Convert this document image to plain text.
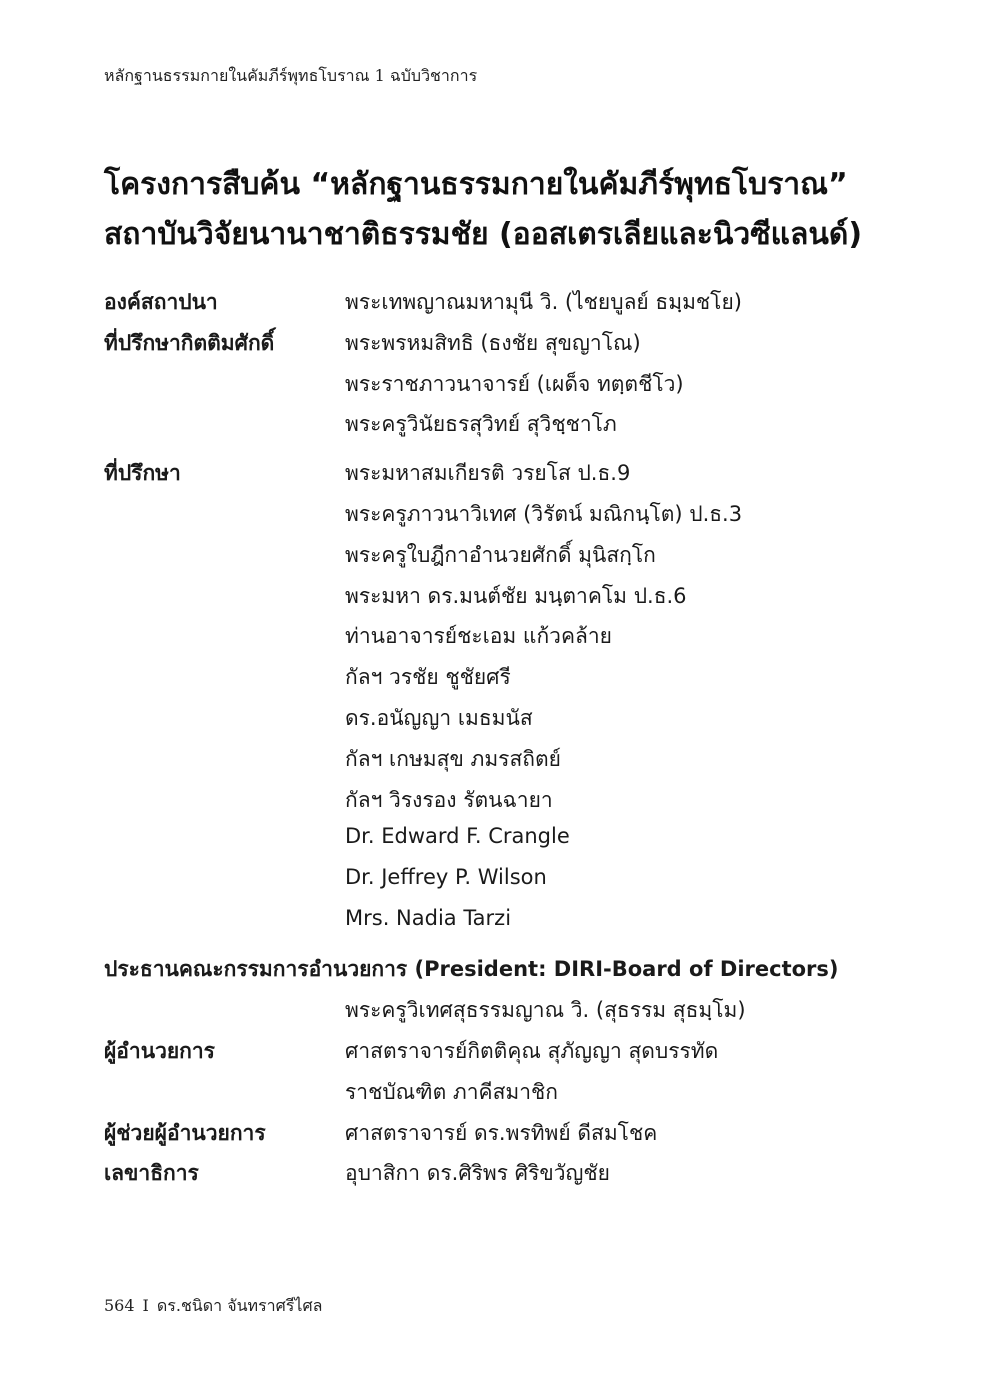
หลักฐานธรรมกายในคัมภีร์พุทธโบราณ 1 ฉบับวิชาการ
โครงการสืบค้น “หลักฐานธรรมกายในคัมภีร์พุทธโบราณ”
สถาบันวิจัยนานาชาติธรรมชัย (ออสเตรเลียและนิวซีแลนด์)
องค์สถาปนา	พระเทพญาณมหามุนี วิ. (ไชยบูลย์ ธมฺมชโย)
ที่ปรึกษากิตติมศักดิ์	พระพรหมสิทธิ (ธงชัย สุขญาโณ)
พระราชภาวนาจารย์ (เผด็จ ทตฺตชีโว)
พระครูวินัยธรสุวิทย์ สุวิชฺชาโภ
ที่ปรึกษา	พระมหาสมเกียรติ วรยโส ป.ธ.9
พระครูภาวนาวิเทศ (วิรัตน์ มณิกนฺโต) ป.ธ.3
พระครูใบฎีกาอำนวยศักดิ์ มุนิสกฺโก
พระมหา ดร.มนต์ชัย มนฺตาคโม ป.ธ.6
ท่านอาจารย์ชะเอม แก้วคล้าย
กัลฯ วรชัย ชูชัยศรี
ดร.อนัญญา เมธมนัส
กัลฯ เกษมสุข ภมรสถิตย์
กัลฯ วิรงรอง รัตนฉายา
Dr. Edward F. Crangle
Dr. Jeffrey P. Wilson
Mrs. Nadia Tarzi
ประธานคณะกรรมการอำนวยการ (President: DIRI-Board of Directors)
พระครูวิเทศสุธรรมญาณ วิ. (สุธรรม สุธมฺโม)
ผู้อำนวยการ	ศาสตราจารย์กิตติคุณ สุภัญญา สุดบรรทัด
ราชบัณฑิต ภาคีสมาชิก
ผู้ช่วยผู้อำนวยการ	ศาสตราจารย์ ดร.พรทิพย์ ดีสมโชค
เลขาธิการ	อุบาสิกา ดร.ศิริพร ศิริขวัญชัย
564 I ดร.ชนิดา จันทราศรีไศล
